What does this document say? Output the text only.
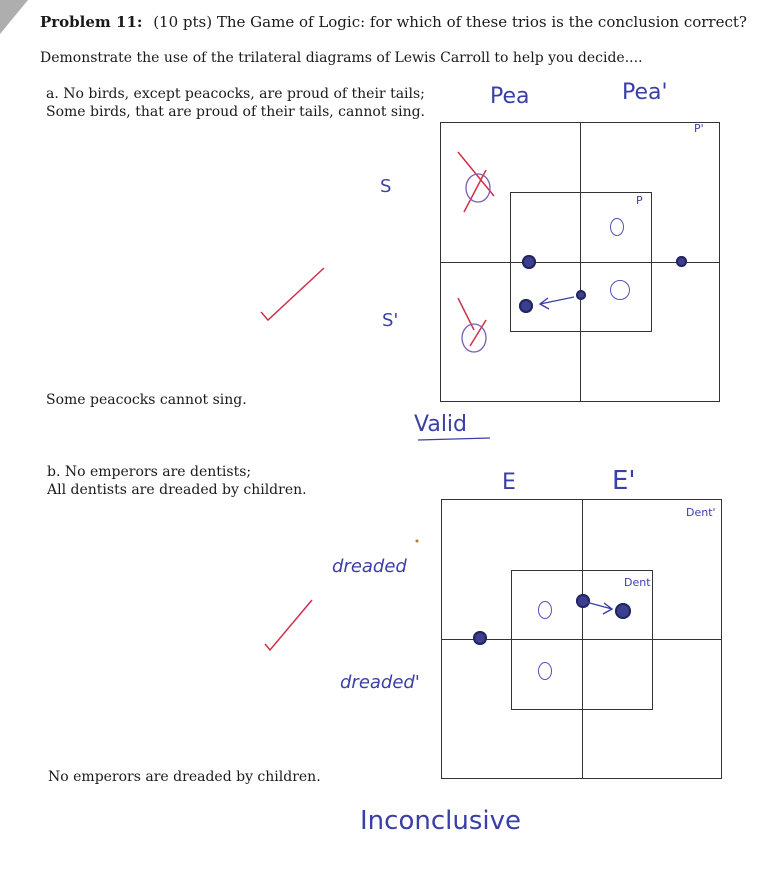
Problem 11: (10 pts) The Game of Logic: for which of these trios is the conclusion correct?
Demonstrate the use of the trilateral diagrams of Lewis Carroll to help you decide....
a. No birds, except peacocks, are proud of their tails;
Some birds, that are proud of their tails, cannot sing.
Some peacocks cannot sing.
Pea	Pea'
S
S'
P
P'
Valid
b. No emperors are dentists;
All dentists are dreaded by children.
No emperors are dreaded by children.
E	E'
dreaded
dreaded'
Dent
Dent'
Inconclusive
